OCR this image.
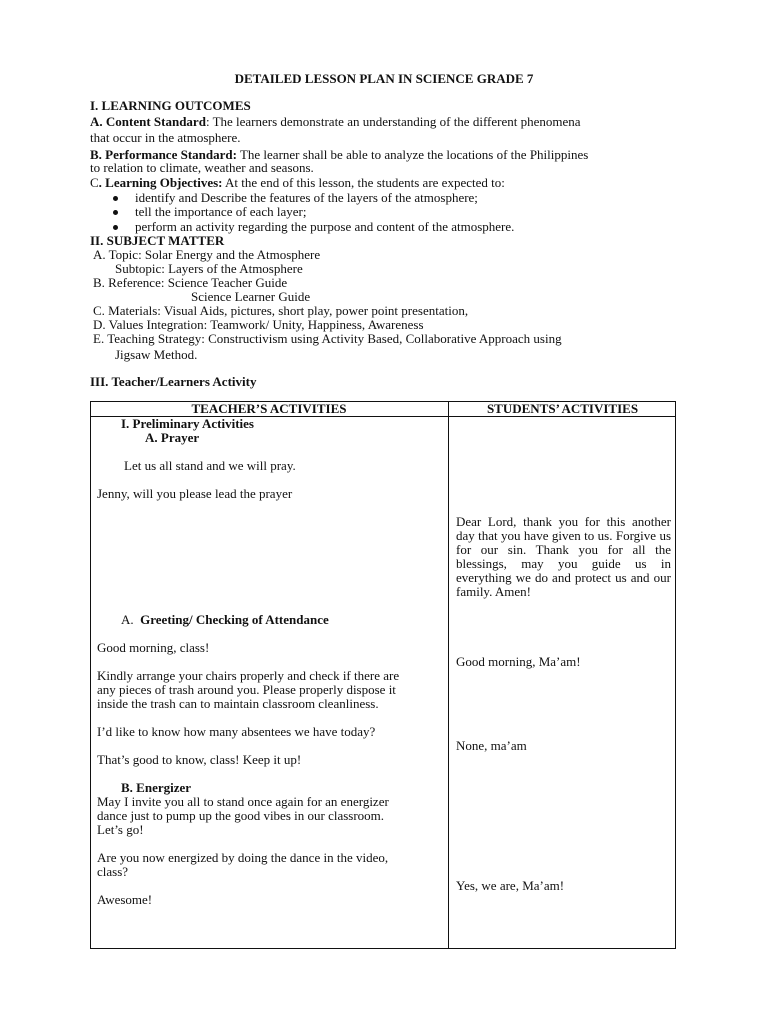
DETAILED LESSON PLAN IN SCIENCE GRADE 7
I. LEARNING OUTCOMES
A. Content Standard: The learners demonstrate an understanding of the different phenomena
that occur in the atmosphere.
B. Performance Standard: The learner shall be able to analyze the locations of the Philippines
to relation to climate, weather and seasons.
C. Learning Objectives: At the end of this lesson, the students are expected to:
identify and Describe the features of the layers of the atmosphere;
tell the importance of each layer;
perform an activity regarding the purpose and content of the atmosphere.
II. SUBJECT MATTER
A. Topic: Solar Energy and the Atmosphere
Subtopic: Layers of the Atmosphere
B. Reference: Science Teacher Guide
Science Learner Guide
C. Materials: Visual Aids, pictures, short play, power point presentation,
D. Values Integration: Teamwork/ Unity, Happiness, Awareness
E. Teaching Strategy: Constructivism using Activity Based, Collaborative Approach using
Jigsaw Method.
III. Teacher/Learners Activity
TEACHER’S ACTIVITIES	STUDENTS’ ACTIVITIES
I. Preliminary Activities
A. Prayer
Let us all stand and we will pray.
Jenny, will you please lead the prayer
Dear Lord, thank you for this another day that you have given to us. Forgive us for our sin. Thank you for all the blessings, may you guide us in everything we do and protect us and our family. Amen!
A. Greeting/ Checking of Attendance
Good morning, class!
Good morning, Ma’am!
Kindly arrange your chairs properly and check if there are
any pieces of trash around you. Please properly dispose it
inside the trash can to maintain classroom cleanliness.
I’d like to know how many absentees we have today?
None, ma’am
That’s good to know, class! Keep it up!
B. Energizer
May I invite you all to stand once again for an energizer
dance just to pump up the good vibes in our classroom.
Let’s go!
Are you now energized by doing the dance in the video,
class?
Yes, we are, Ma’am!
Awesome!
